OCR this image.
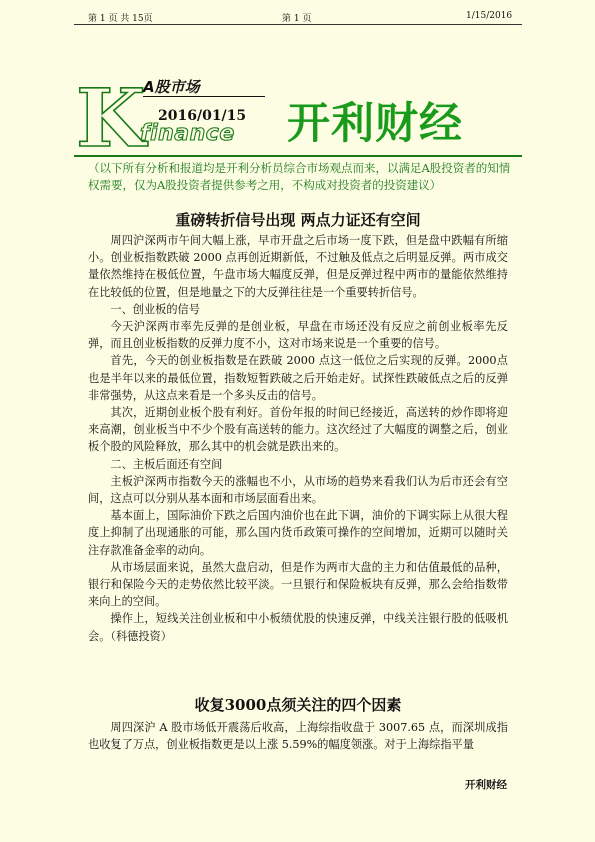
第 1 页 共 15页	第 1 页	1/15/2016
K
A股市场
2016/01/15
finance 开利财经
（以下所有分析和报道均是开利分析员综合市场观点而来，以满足A股投资者的知情权需要，仅为A股投资者提供参考之用，不构成对投资者的投资建议）
重磅转折信号出现 两点力证还有空间

周四沪深两市午间大幅上涨，早市开盘之后市场一度下跌，但是盘中跌幅有所缩小。创业板指数跌破 2000 点再创近期新低，不过触及低点之后明显反弹。两市成交量依然维持在极低位置，午盘市场大幅度反弹，但是反弹过程中两市的量能依然维持在比较低的位置，但是地量之下的大反弹往往是一个重要转折信号。

一、创业板的信号

今天沪深两市率先反弹的是创业板，早盘在市场还没有反应之前创业板率先反弹，而且创业板指数的反弹力度不小，这对市场来说是一个重要的信号。

首先，今天的创业板指数是在跌破 2000 点这一低位之后实现的反弹。2000点也是半年以来的最低位置，指数短暂跌破之后开始走好。试探性跌破低点之后的反弹非常强势，从这点来看是一个多头反击的信号。

其次，近期创业板个股有利好。首份年报的时间已经接近，高送转的炒作即将迎来高潮，创业板当中不少个股有高送转的能力。这次经过了大幅度的调整之后，创业板个股的风险释放，那么其中的机会就是跌出来的。

二、主板后面还有空间

主板沪深两市指数今天的涨幅也不小，从市场的趋势来看我们认为后市还会有空间，这点可以分别从基本面和市场层面看出来。

基本面上，国际油价下跌之后国内油价也在此下调，油价的下调实际上从很大程度上抑制了出现通胀的可能，那么国内货币政策可操作的空间增加，近期可以随时关注存款准备金率的动向。

从市场层面来说，虽然大盘启动，但是作为两市大盘的主力和估值最低的品种，银行和保险今天的走势依然比较平淡。一旦银行和保险板块有反弹，那么会给指数带来向上的空间。

操作上，短线关注创业板和中小板绩优股的快速反弹，中线关注银行股的低吸机会。（科德投资）

收复3000点须关注的四个因素

周四深沪 A 股市场低开震荡后收高，上海综指收盘于 3007.65 点，而深圳成指也收复了万点，创业板指数更是以上涨 5.59%的幅度领涨。对于上海综指平量

开利财经
